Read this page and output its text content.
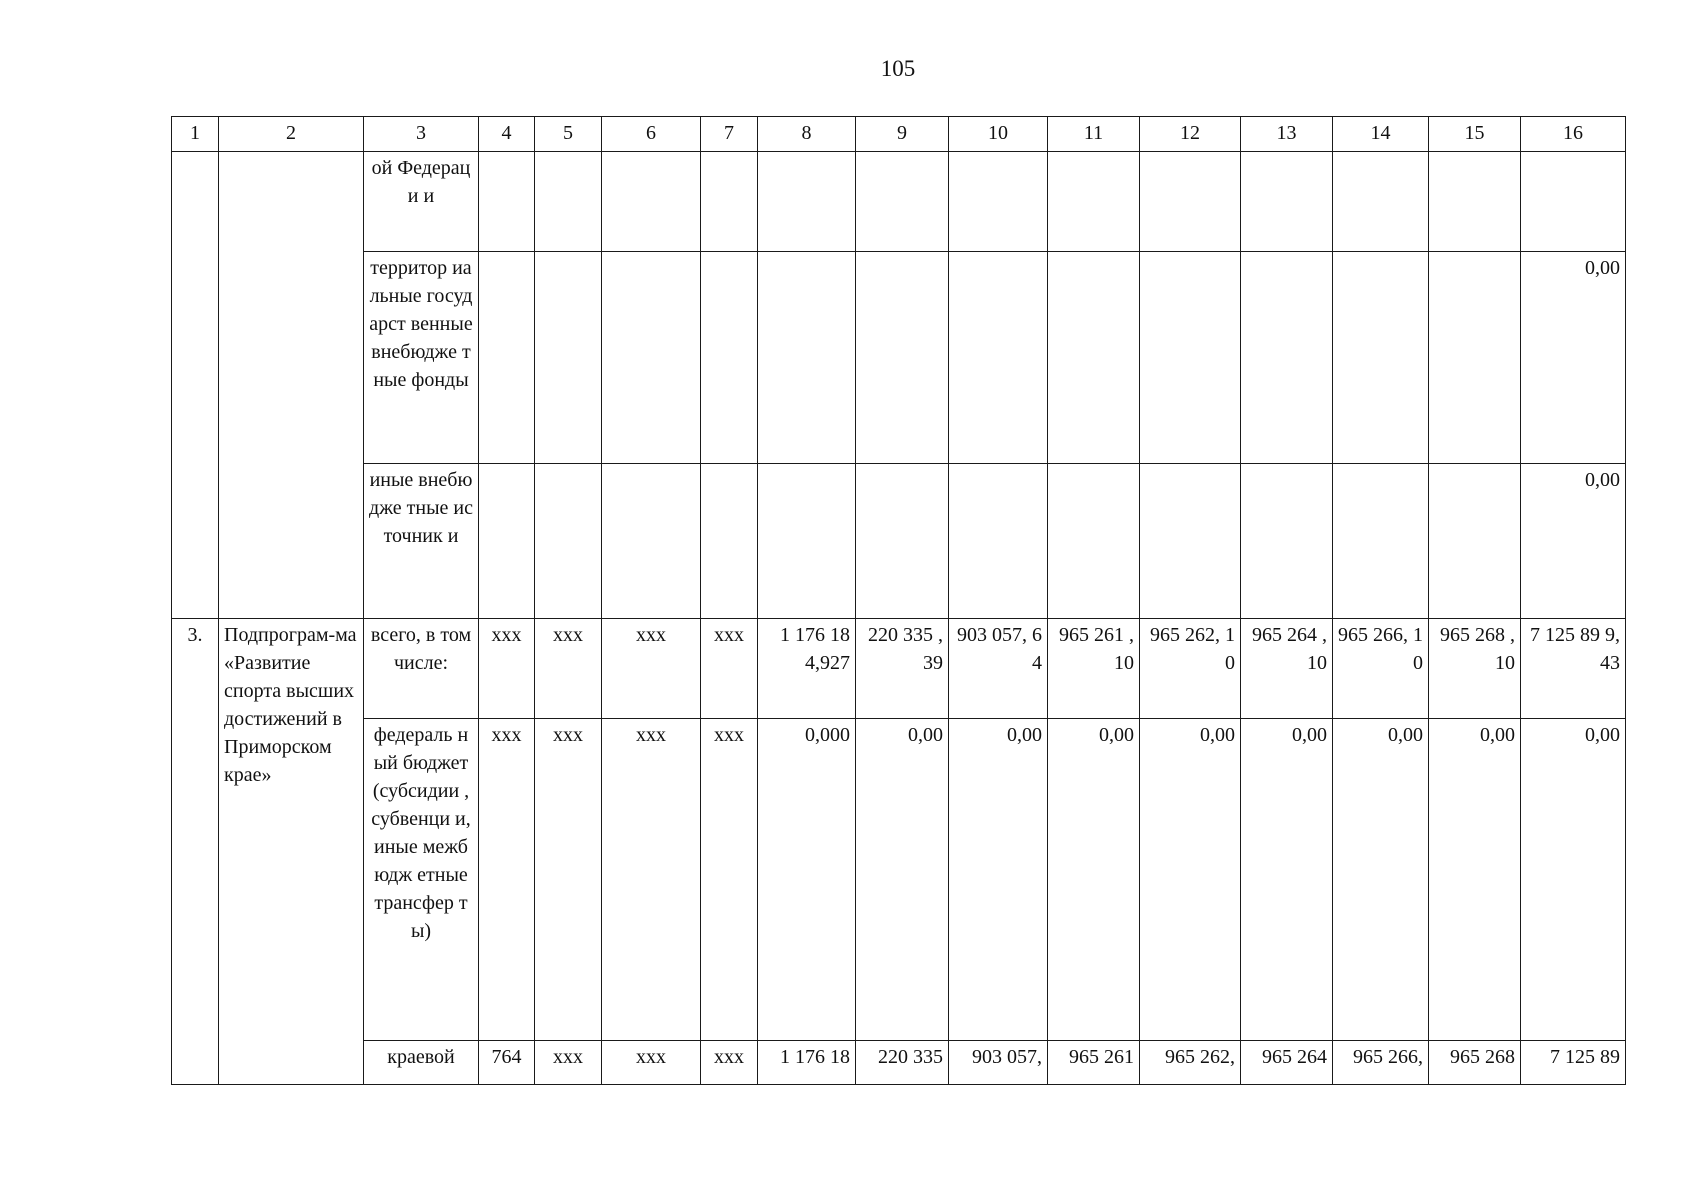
105
1	2	3	4	5	6	7	8	9	10	11	12	13	14	15	16
		ой Федераци и													
		территор иальные государст венные внебюдже тные фонды													0,00
		иные внебюдже тные источник и													0,00
3.	Подпрограм-ма «Развитие спорта высших достижений в Приморском крае»	всего, в том числе:	ххх	ххх	ххх	ххх	1 176 18 4,927	220 335 ,39	903 057, 64	965 261 ,10	965 262, 10	965 264 ,10	965 266, 10	965 268 ,10	7 125 89 9,43
		федераль ный бюджет (субсидии , субвенци и, иные межбюдж етные трансфер ты)	ххх	ххх	ххх	ххх	0,000	0,00	0,00	0,00	0,00	0,00	0,00	0,00	0,00
		краевой	764	ххх	ххх	ххх	1 176 18	220 335	903 057,	965 261	965 262,	965 264	965 266,	965 268	7 125 89
